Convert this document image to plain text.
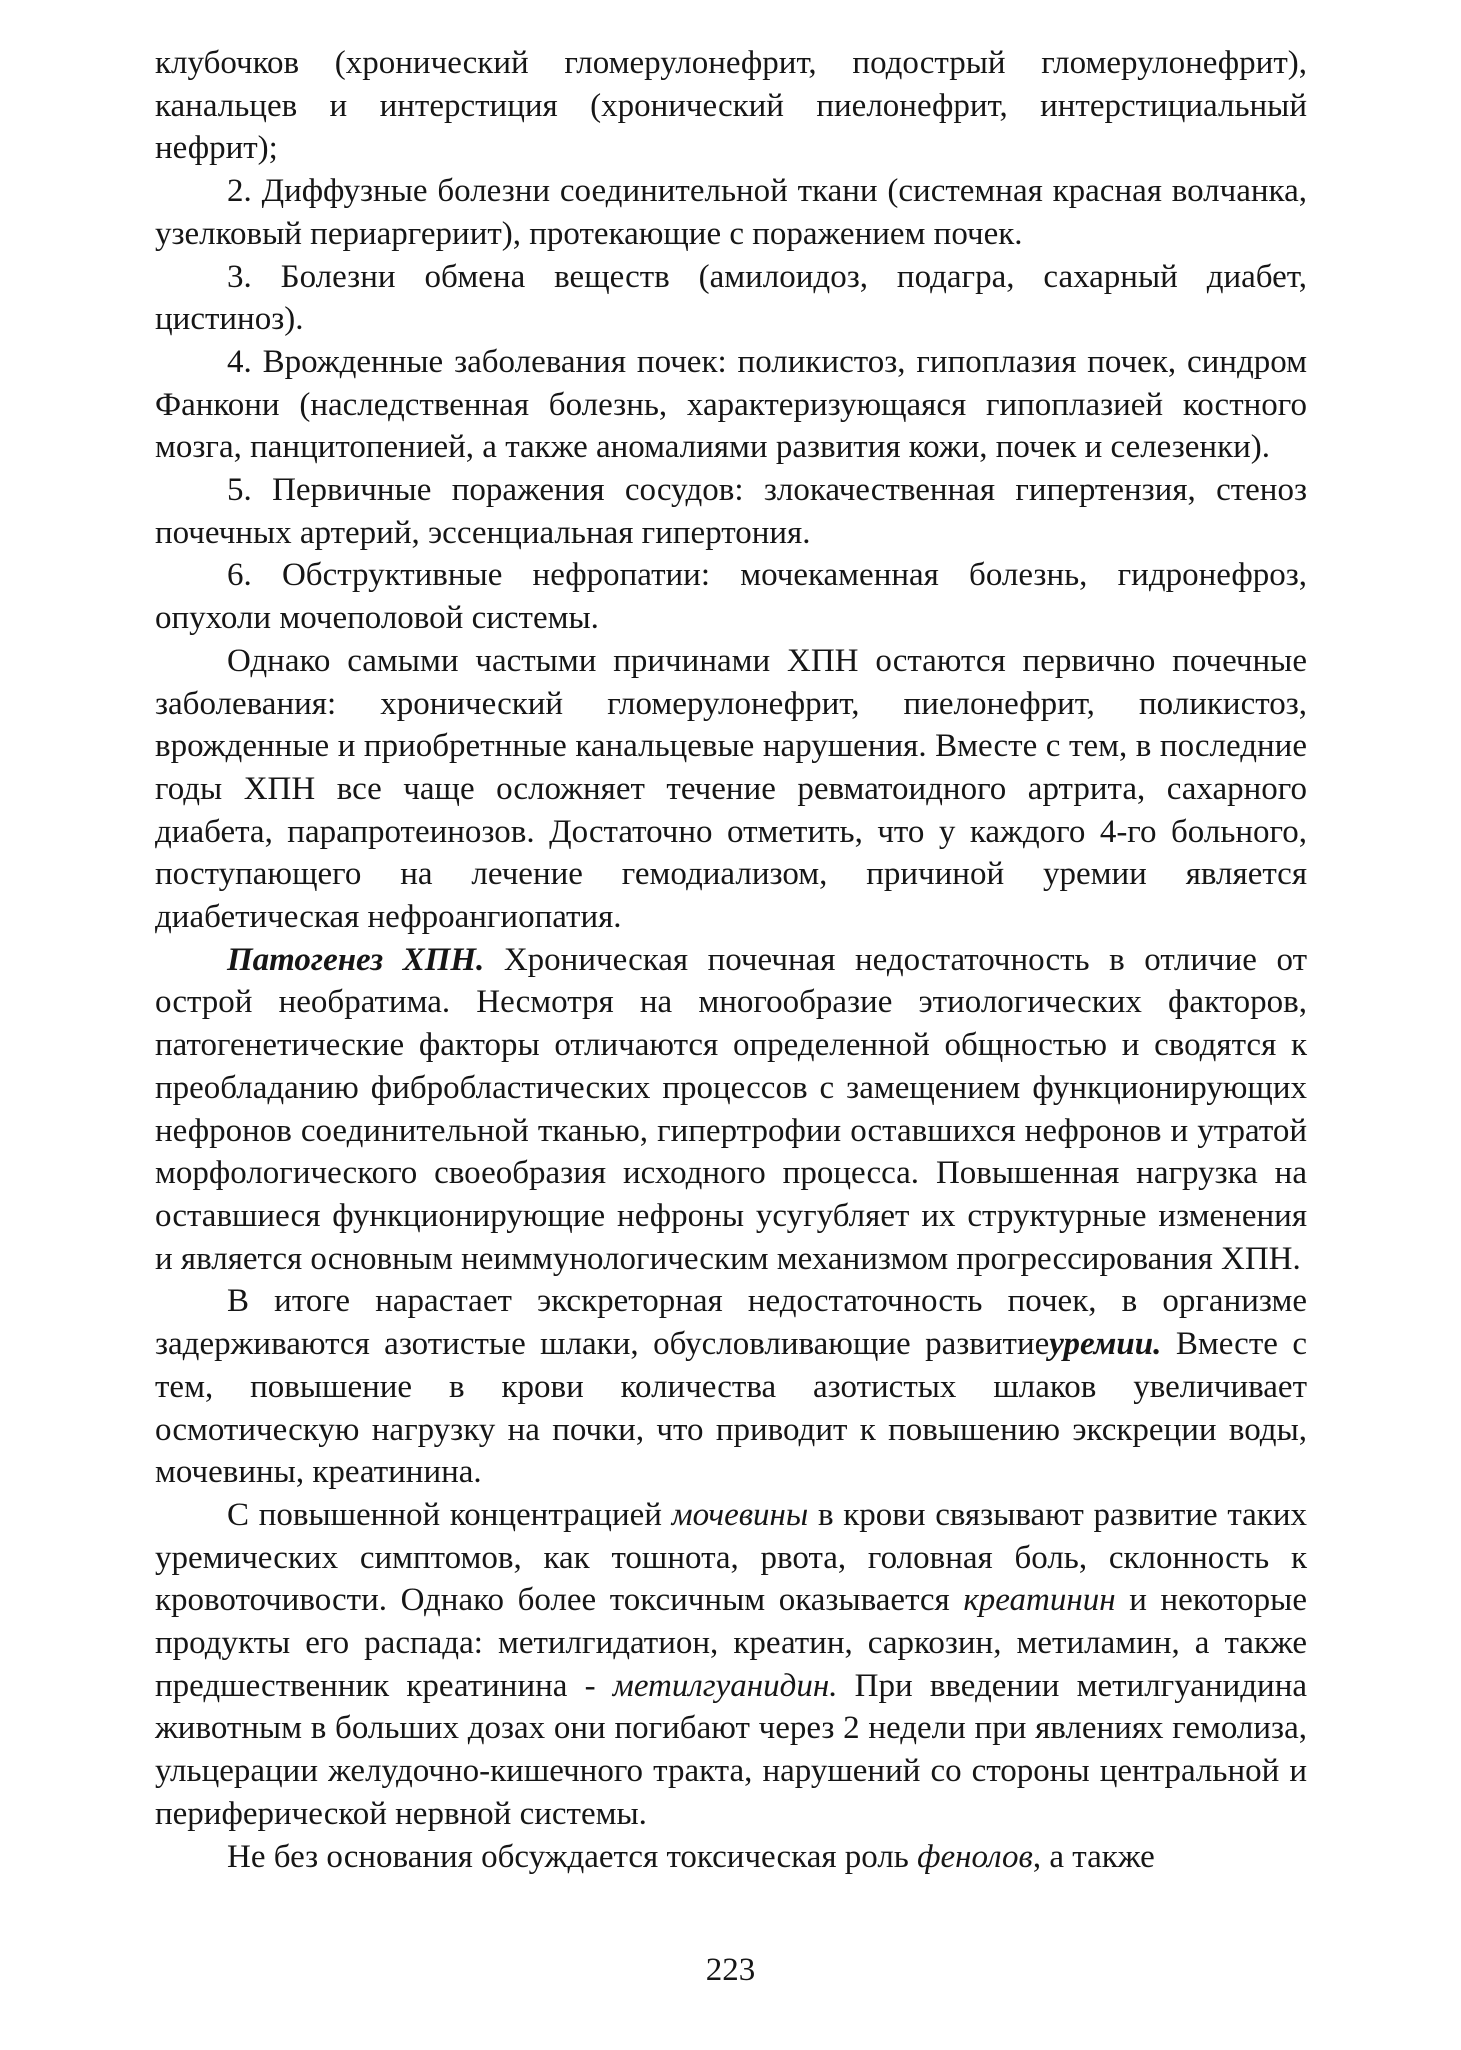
клубочков (хронический гломерулонефрит, подострый гломерулонефрит), канальцев и интерстиция (хронический пиелонефрит, интерстициальный нефрит);

2. Диффузные болезни соединительной ткани (системная красная волчанка, узелковый периаргериит), протекающие с поражением почек.

3. Болезни обмена веществ (амилоидоз, подагра, сахарный диабет, цистиноз).

4. Врожденные заболевания почек: поликистоз, гипоплазия почек, синдром Фанкони (наследственная болезнь, характеризующаяся гипоплазией костного мозга, панцитопенией, а также аномалиями развития кожи, почек и селезенки).

5. Первичные поражения сосудов: злокачественная гипертензия, стеноз почечных артерий, эссенциальная гипертония.

6. Обструктивные нефропатии: мочекаменная болезнь, гидронефроз, опухоли мочеполовой системы.

Однако самыми частыми причинами ХПН остаются первично почечные заболевания: хронический гломерулонефрит, пиелонефрит, поликистоз, врожденные и приобретнные канальцевые нарушения. Вместе с тем, в последние годы ХПН все чаще осложняет течение ревматоидного артрита, сахарного диабета, парапротеинозов. Достаточно отметить, что у каждого 4-го больного, поступающего на лечение гемодиализом, причиной уремии является диабетическая нефроангиопатия.

Патогенез ХПН. Хроническая почечная недостаточность в отличие от острой необратима. Несмотря на многообразие этиологических факторов, патогенетические факторы отличаются определенной общностью и сводятся к преобладанию фибробластических процессов с замещением функционирующих нефронов соединительной тканью, гипертрофии оставшихся нефронов и утратой морфологического своеобразия исходного процесса. Повышенная нагрузка на оставшиеся функционирующие нефроны усугубляет их структурные изменения и является основным неиммунологическим механизмом прогрессирования ХПН.

В итоге нарастает экскреторная недостаточность почек, в организме задерживаются азотистые шлаки, обусловливающие развитиеуремии. Вместе с тем, повышение в крови количества азотистых шлаков увеличивает осмотическую нагрузку на почки, что приводит к повышению экскреции воды, мочевины, креатинина.

С повышенной концентрацией мочевины в крови связывают развитие таких уремических симптомов, как тошнота, рвота, головная боль, склонность к кровоточивости. Однако более токсичным оказывается креатинин и некоторые продукты его распада: метилгидатион, креатин, саркозин, метиламин, а также предшественник креатинина - метилгуанидин. При введении метилгуанидина животным в больших дозах они погибают через 2 недели при явлениях гемолиза, ульцерации желудочно-кишечного тракта, нарушений со стороны центральной и периферической нервной системы.

Не без основания обсуждается токсическая роль фенолов, а также

223
